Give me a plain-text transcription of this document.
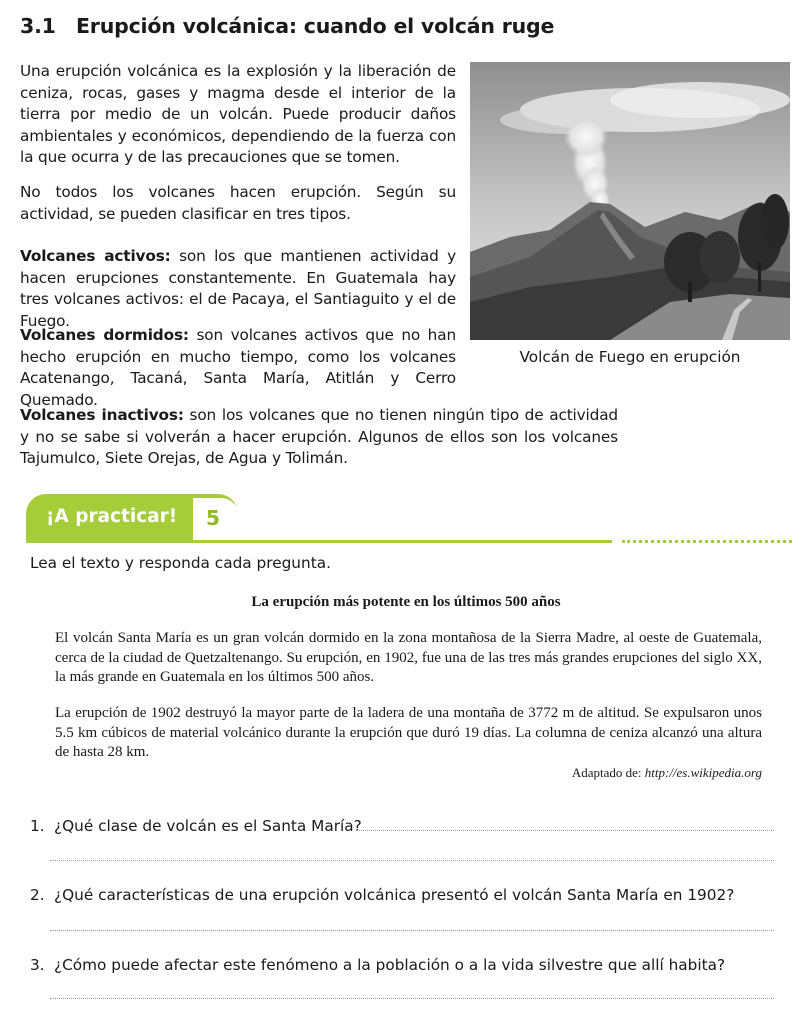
3.1 Erupción volcánica: cuando el volcán ruge

Una erupción volcánica es la explosión y la liberación de ceniza, rocas, gases y magma desde el interior de la tierra por medio de un volcán. Puede producir daños ambientales y económicos, dependiendo de la fuerza con la que ocurra y de las precauciones que se tomen.

No todos los volcanes hacen erupción. Según su actividad, se pueden clasificar en tres tipos.

Volcanes activos: son los que mantienen actividad y hacen erupciones constantemente. En Guatemala hay tres volcanes activos: el de Pacaya, el Santiaguito y el de Fuego.

Volcanes dormidos: son volcanes activos que no han hecho erupción en mucho tiempo, como los volcanes Acatenango, Tacaná, Santa María, Atitlán y Cerro Quemado.

Volcanes inactivos: son los volcanes que no tienen ningún tipo de actividad y no se sabe si volverán a hacer erupción. Algunos de ellos son los volcanes Tajumulco, Siete Orejas, de Agua y Tolimán.

Volcán de Fuego en erupción
¡A practicar!	5
Lea el texto y responda cada pregunta.
La erupción más potente en los últimos 500 años

El volcán Santa María es un gran volcán dormido en la zona montañosa de la Sierra Madre, al oeste de Guatemala, cerca de la ciudad de Quetzaltenango. Su erupción, en 1902, fue una de las tres más grandes erupciones del siglo XX, la más grande en Guatemala en los últimos 500 años.

La erupción de 1902 destruyó la mayor parte de la ladera de una montaña de 3772 m de altitud. Se expulsaron unos 5.5 km cúbicos de material volcánico durante la erupción que duró 19 días. La columna de ceniza alcanzó una altura de hasta 28 km.

Adaptado de: http://es.wikipedia.org
1. ¿Qué clase de volcán es el Santa María?
2. ¿Qué características de una erupción volcánica presentó el volcán Santa María en 1902?
3. ¿Cómo puede afectar este fenómeno a la población o a la vida silvestre que allí habita?
